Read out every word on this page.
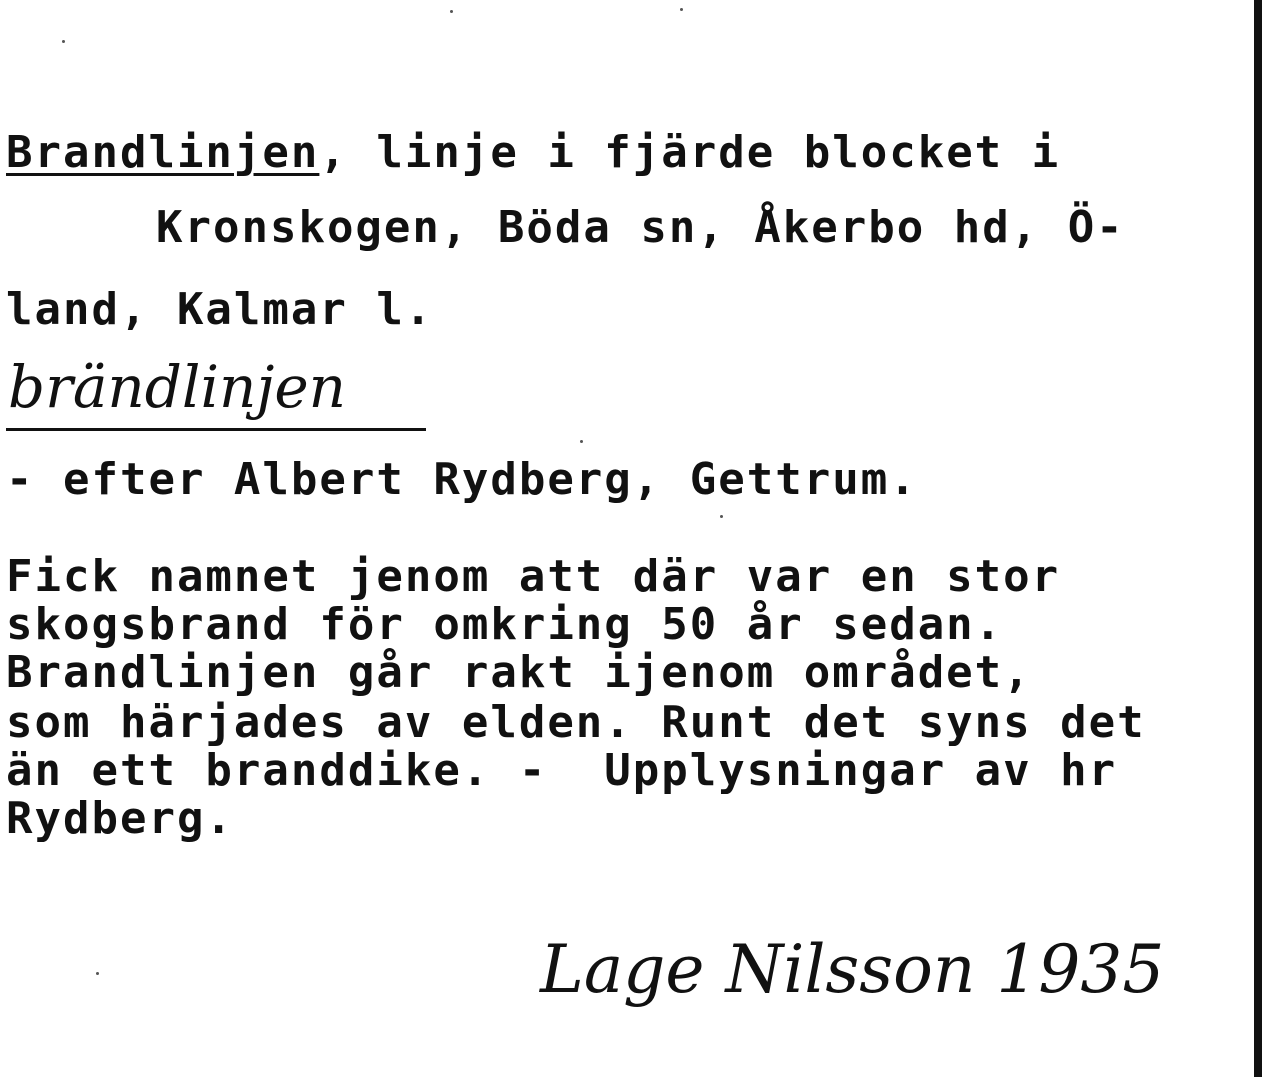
Brandlinjen, linje i fjärde blocket i
Kronskogen, Böda sn, Åkerbo hd, Ö-
land, Kalmar l.
brändlinjen
- efter Albert Rydberg, Gettrum.
Fick namnet jenom att där var en stor
skogsbrand för omkring 50 år sedan.
Brandlinjen går rakt ijenom området,
som härjades av elden. Runt det syns det
än ett branddike. -  Upplysningar av hr
Rydberg.
Lage Nilsson 1935
